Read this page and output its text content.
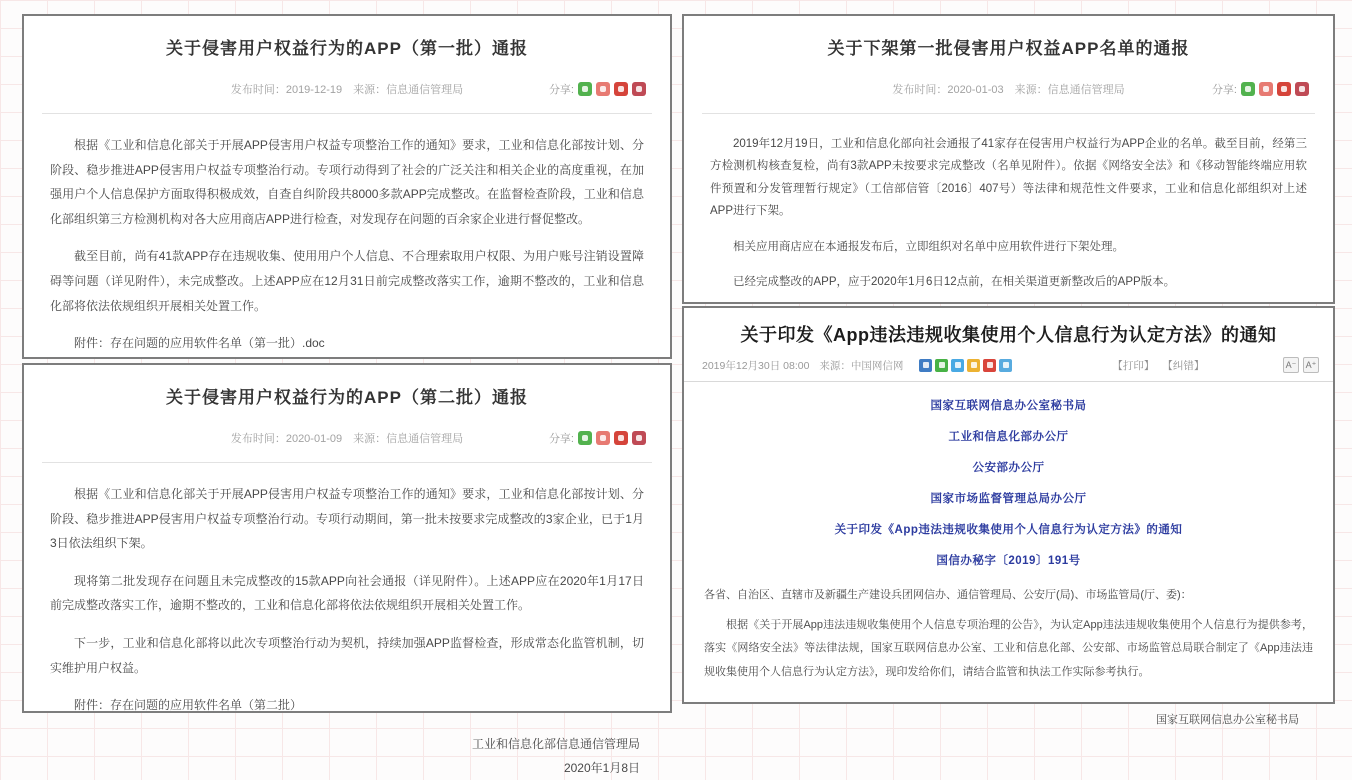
关于侵害用户权益行为的APP（第一批）通报
发布时间：2019-12-19 来源：信息通信管理局	分享:

根据《工业和信息化部关于开展APP侵害用户权益专项整治工作的通知》要求，工业和信息化部按计划、分阶段、稳步推进APP侵害用户权益专项整治行动。专项行动得到了社会的广泛关注和相关企业的高度重视，在加强用户个人信息保护方面取得积极成效，自查自纠阶段共8000多款APP完成整改。在监督检查阶段，工业和信息化部组织第三方检测机构对各大应用商店APP进行检查，对发现存在问题的百余家企业进行督促整改。

截至目前，尚有41款APP存在违规收集、使用用户个人信息、不合理索取用户权限、为用户账号注销设置障碍等问题（详见附件），未完成整改。上述APP应在12月31日前完成整改落实工作，逾期不整改的，工业和信息化部将依法依规组织开展相关处置工作。

附件：存在问题的应用软件名单（第一批）.doc

关于侵害用户权益行为的APP（第二批）通报
发布时间：2020-01-09 来源：信息通信管理局	分享:

根据《工业和信息化部关于开展APP侵害用户权益专项整治工作的通知》要求，工业和信息化部按计划、分阶段、稳步推进APP侵害用户权益专项整治行动。专项行动期间，第一批未按要求完成整改的3家企业，已于1月3日依法组织下架。

现将第二批发现存在问题且未完成整改的15款APP向社会通报（详见附件）。上述APP应在2020年1月17日前完成整改落实工作，逾期不整改的，工业和信息化部将依法依规组织开展相关处置工作。

下一步，工业和信息化部将以此次专项整治行动为契机，持续加强APP监督检查，形成常态化监管机制，切实维护用户权益。

附件：存在问题的应用软件名单（第二批）

工业和信息化部信息通信管理局
2020年1月8日
关于下架第一批侵害用户权益APP名单的通报
发布时间：2020-01-03 来源：信息通信管理局	分享:

2019年12月19日，工业和信息化部向社会通报了41家存在侵害用户权益行为APP企业的名单。截至目前，经第三方检测机构核查复检，尚有3款APP未按要求完成整改（名单见附件）。依据《网络安全法》和《移动智能终端应用软件预置和分发管理暂行规定》（工信部信管〔2016〕407号）等法律和规范性文件要求，工业和信息化部组织对上述APP进行下架。

相关应用商店应在本通报发布后，立即组织对名单中应用软件进行下架处理。

已经完成整改的APP，应于2020年1月6日12点前，在相关渠道更新整改后的APP版本。

关于印发《App违法违规收集使用个人信息行为认定方法》的通知
2019年12月30日 08:00 来源：中国网信网	【打印】 【纠错】	A⁻ A⁺
国家互联网信息办公室秘书局
工业和信息化部办公厅
公安部办公厅
国家市场监督管理总局办公厅
关于印发《App违法违规收集使用个人信息行为认定方法》的通知
国信办秘字〔2019〕191号

各省、自治区、直辖市及新疆生产建设兵团网信办、通信管理局、公安厅(局)、市场监管局(厅、委)：

根据《关于开展App违法违规收集使用个人信息专项治理的公告》，为认定App违法违规收集使用个人信息行为提供参考，落实《网络安全法》等法律法规，国家互联网信息办公室、工业和信息化部、公安部、市场监管总局联合制定了《App违法违规收集使用个人信息行为认定方法》，现印发给你们，请结合监管和执法工作实际参考执行。

国家互联网信息办公室秘书局
